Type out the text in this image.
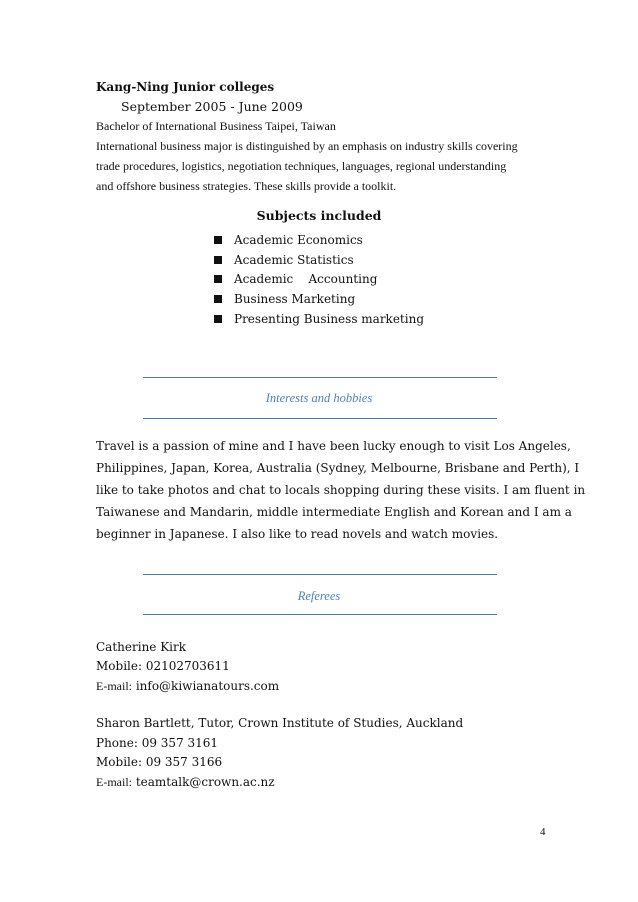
Kang-Ning Junior colleges
September 2005 - June 2009
Bachelor of International Business Taipei, Taiwan
International business major is distinguished by an emphasis on industry skills covering
trade procedures, logistics, negotiation techniques, languages, regional understanding
and offshore business strategies. These skills provide a toolkit.
Subjects included
Academic Economics
Academic Statistics
Academic    Accounting
Business Marketing
Presenting Business marketing
Interests and hobbies
Travel is a passion of mine and I have been lucky enough to visit Los Angeles,
Philippines, Japan, Korea, Australia (Sydney, Melbourne, Brisbane and Perth), I
like to take photos and chat to locals shopping during these visits. I am fluent in
Taiwanese and Mandarin, middle intermediate English and Korean and I am a
beginner in Japanese. I also like to read novels and watch movies.
Referees
Catherine Kirk
Mobile: 02102703611
E-mail: info@kiwianatours.com
Sharon Bartlett, Tutor, Crown Institute of Studies, Auckland
Phone: 09 357 3161
Mobile: 09 357 3166
E-mail: teamtalk@crown.ac.nz
4
